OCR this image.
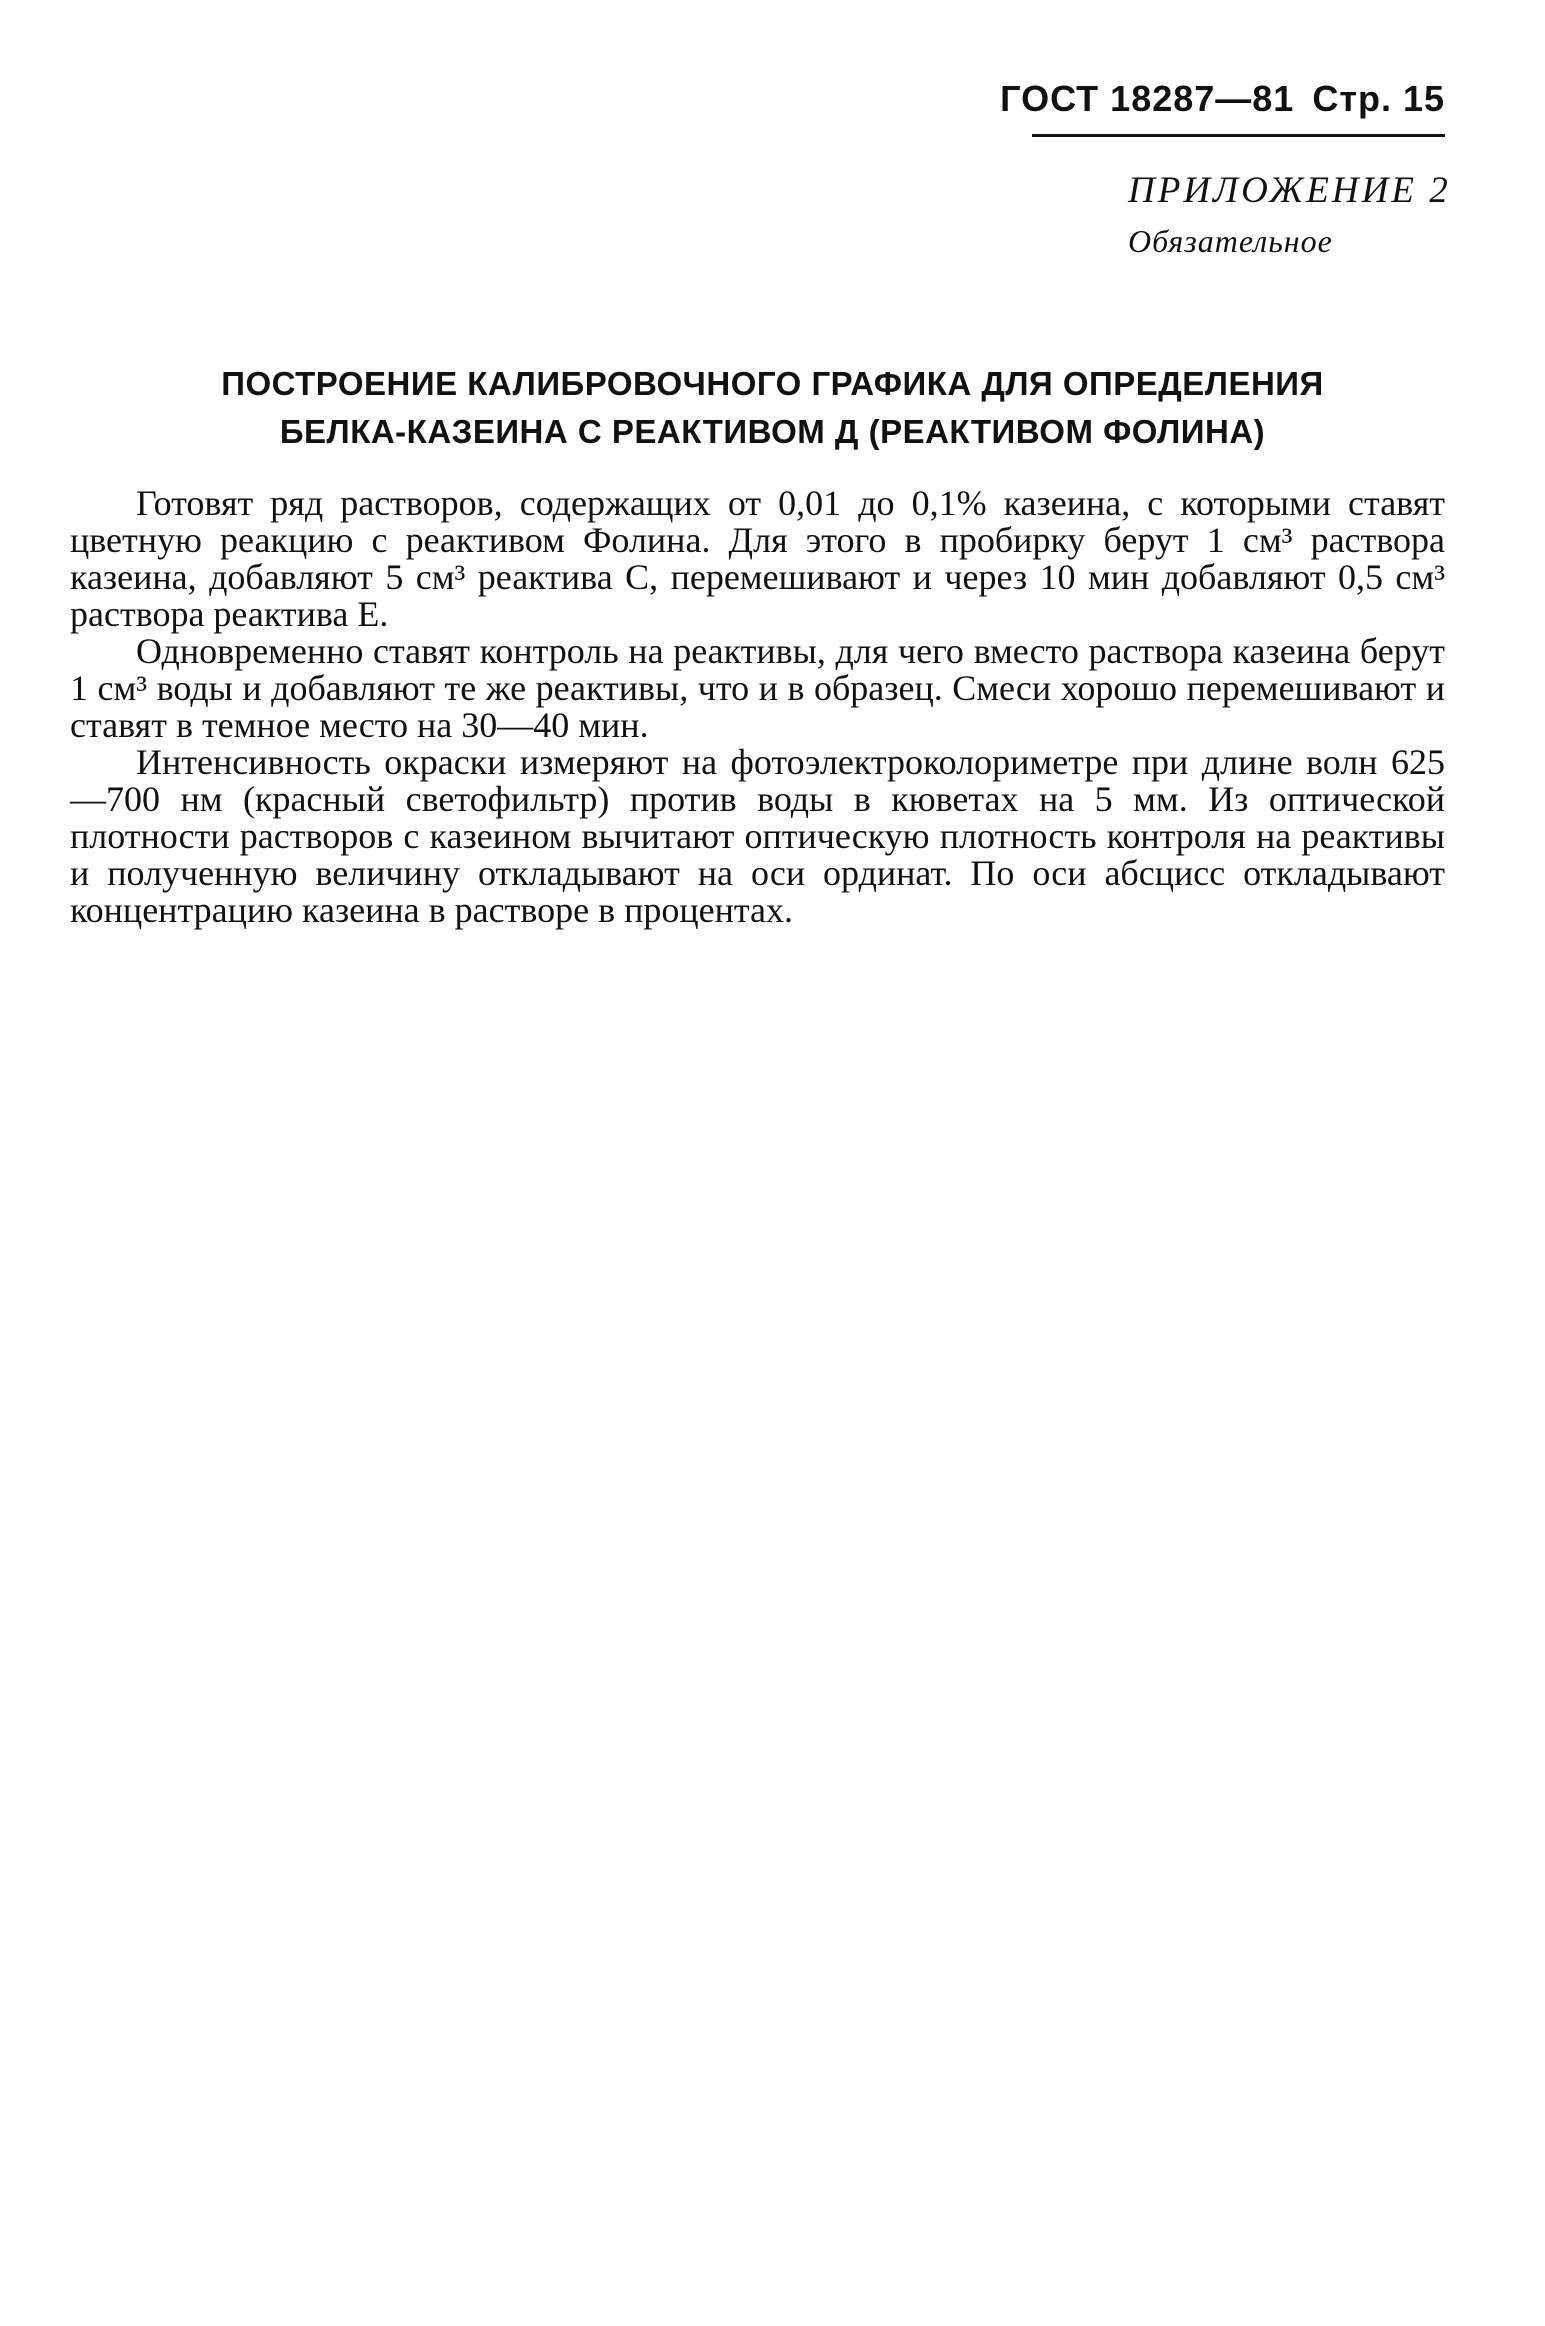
ГОСТ 18287—81 Стр. 15
ПРИЛОЖЕНИЕ 2
Обязательное
ПОСТРОЕНИЕ КАЛИБРОВОЧНОГО ГРАФИКА ДЛЯ ОПРЕДЕЛЕНИЯ
БЕЛКА-КАЗЕИНА С РЕАКТИВОМ Д (РЕАКТИВОМ ФОЛИНА)

Готовят ряд растворов, содержащих от 0,01 до 0,1% казеина, с которыми ставят цветную реакцию с реактивом Фолина. Для этого в пробирку берут 1 см³ раствора казеина, добавляют 5 см³ реактива С, перемешивают и через 10 мин добавляют 0,5 см³ раствора реактива Е.

Одновременно ставят контроль на реактивы, для чего вместо раствора казеина берут 1 см³ воды и добавляют те же реактивы, что и в образец. Смеси хорошо перемешивают и ставят в темное место на 30—40 мин.

Интенсивность окраски измеряют на фотоэлектроколориметре при длине волн 625—700 нм (красный светофильтр) против воды в кюветах на 5 мм. Из оптической плотности растворов с казеином вычитают оптическую плотность контроля на реактивы и полученную величину откладывают на оси ординат. По оси абсцисс откладывают концентрацию казеина в растворе в процентах.
